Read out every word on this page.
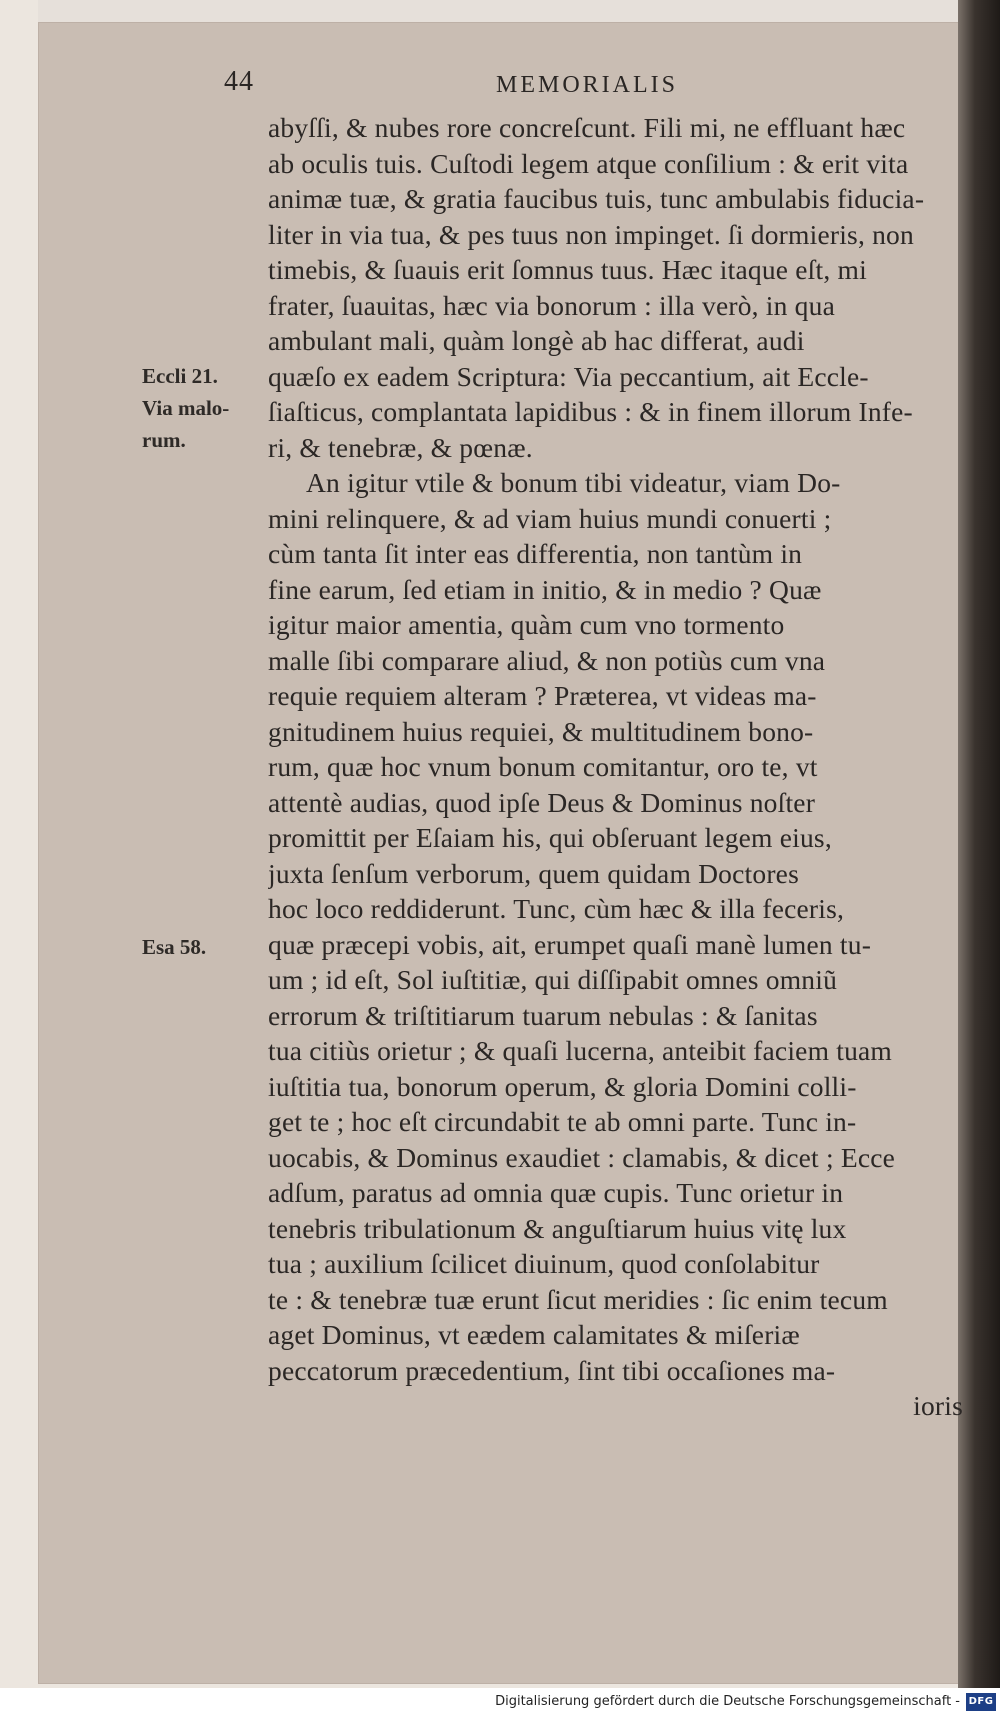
44	MEMORIALIS
Eccli 21.
Via malo-
rum.
Esa 58.
abyſſi, & nubes rore concreſcunt. Fili mi, ne effluant hæc
ab oculis tuis. Cuſtodi legem atque conſilium : & erit vita
animæ tuæ, & gratia faucibus tuis, tunc ambulabis fiducia-
liter in via tua, & pes tuus non impinget. ſi dormieris, non
timebis, & ſuauis erit ſomnus tuus. Hæc itaque eſt, mi
frater, ſuauitas, hæc via bonorum : illa verò, in qua
ambulant mali, quàm longè ab hac differat, audi
quæſo ex eadem Scriptura: Via peccantium, ait Eccle-
ſiaſticus, complantata lapidibus : & in finem illorum Infe-
ri, & tenebræ, & pœnæ.
An igitur vtile & bonum tibi videatur, viam Do-
mini relinquere, & ad viam huius mundi conuerti ;
cùm tanta ſit inter eas differentia, non tantùm in
fine earum, ſed etiam in initio, & in medio ? Quæ
igitur maior amentia, quàm cum vno tormento
malle ſibi comparare aliud, & non potiùs cum vna
requie requiem alteram ? Præterea, vt videas ma-
gnitudinem huius requiei, & multitudinem bono-
rum, quæ hoc vnum bonum comitantur, oro te, vt
attentè audias, quod ipſe Deus & Dominus noſter
promittit per Eſaiam his, qui obſeruant legem eius,
juxta ſenſum verborum, quem quidam Doctores
hoc loco reddiderunt. Tunc, cùm hæc & illa feceris,
quæ præcepi vobis, ait, erumpet quaſi manè lumen tu-
um ; id eſt, Sol iuſtitiæ, qui diſſipabit omnes omniũ
errorum & triſtitiarum tuarum nebulas : & ſanitas
tua citiùs orietur ; & quaſi lucerna, anteibit faciem tuam
iuſtitia tua, bonorum operum, & gloria Domini colli-
get te ; hoc eſt circundabit te ab omni parte. Tunc in-
uocabis, & Dominus exaudiet : clamabis, & dicet ; Ecce
adſum, paratus ad omnia quæ cupis. Tunc orietur in
tenebris tribulationum & anguſtiarum huius vitę lux
tua ; auxilium ſcilicet diuinum, quod conſolabitur
te : & tenebræ tuæ erunt ſicut meridies : ſic enim tecum
aget Dominus, vt eædem calamitates & miſeriæ
peccatorum præcedentium, ſint tibi occaſiones ma-
ioris
Digitalisierung gefördert durch die Deutsche Forschungsgemeinschaft - DFG
